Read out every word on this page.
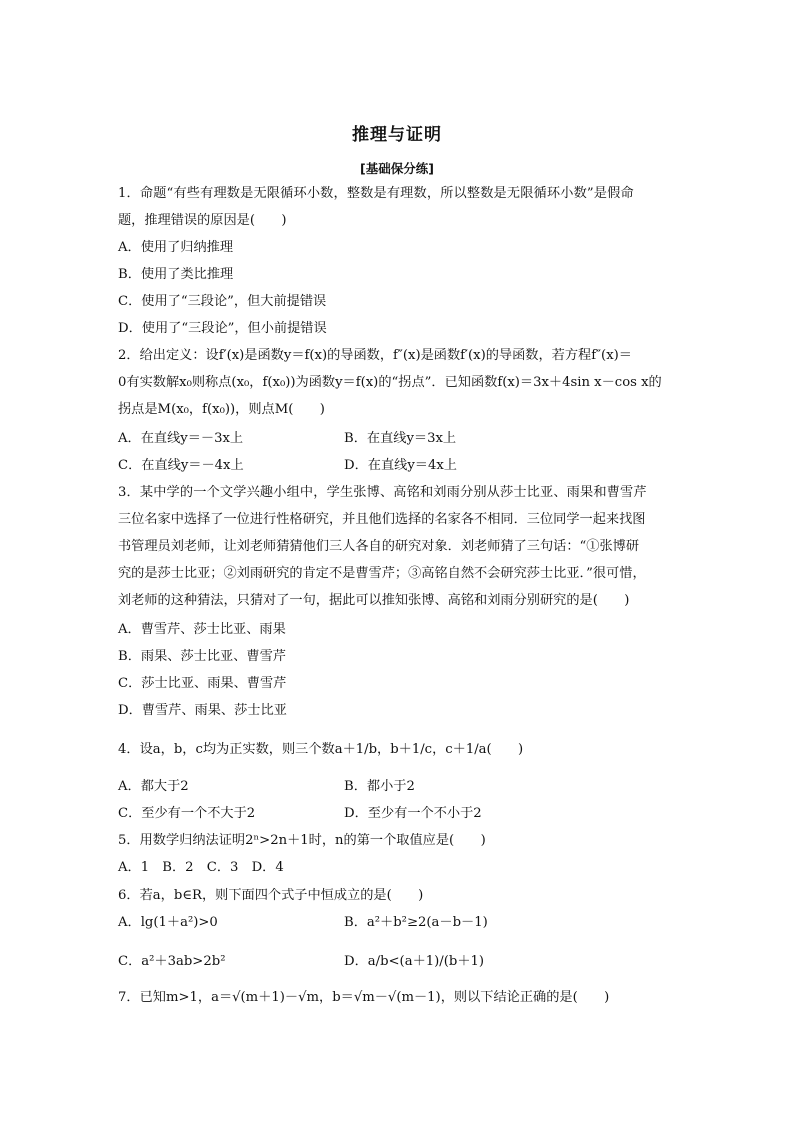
推理与证明
[基础保分练]
1．命题“有些有理数是无限循环小数，整数是有理数，所以整数是无限循环小数”是假命
题，推理错误的原因是(　　)
A．使用了归纳推理
B．使用了类比推理
C．使用了“三段论”，但大前提错误
D．使用了“三段论”，但小前提错误
2．给出定义：设f′(x)是函数y＝f(x)的导函数，f″(x)是函数f′(x)的导函数，若方程f″(x)＝
0有实数解x₀则称点(x₀，f(x₀))为函数y＝f(x)的“拐点”．已知函数f(x)＝3x＋4sin x－cos x的
拐点是M(x₀，f(x₀))，则点M(　　)
A．在直线y＝－3x上	B．在直线y＝3x上
C．在直线y＝－4x上	D．在直线y＝4x上
3．某中学的一个文学兴趣小组中，学生张博、高铭和刘雨分别从莎士比亚、雨果和曹雪芹
三位名家中选择了一位进行性格研究，并且他们选择的名家各不相同．三位同学一起来找图
书管理员刘老师，让刘老师猜猜他们三人各自的研究对象．刘老师猜了三句话：“①张博研
究的是莎士比亚；②刘雨研究的肯定不是曹雪芹；③高铭自然不会研究莎士比亚．”很可惜，
刘老师的这种猜法，只猜对了一句，据此可以推知张博、高铭和刘雨分别研究的是(　　)
A．曹雪芹、莎士比亚、雨果
B．雨果、莎士比亚、曹雪芹
C．莎士比亚、雨果、曹雪芹
D．曹雪芹、雨果、莎士比亚
4．设a，b，c均为正实数，则三个数a＋1/b，b＋1/c，c＋1/a(　　)
A．都大于2	B．都小于2
C．至少有一个不大于2	D．至少有一个不小于2
5．用数学归纳法证明2ⁿ>2n＋1时，n的第一个取值应是(　　)
A．1　B．2　C．3　D．4
6．若a，b∈R，则下面四个式子中恒成立的是(　　)
A．lg(1＋a²)>0	B．a²＋b²≥2(a－b－1)
C．a²＋3ab>2b²	D．a/b<(a＋1)/(b＋1)
7．已知m>1，a＝√(m＋1)－√m，b＝√m－√(m－1)，则以下结论正确的是(　　)
